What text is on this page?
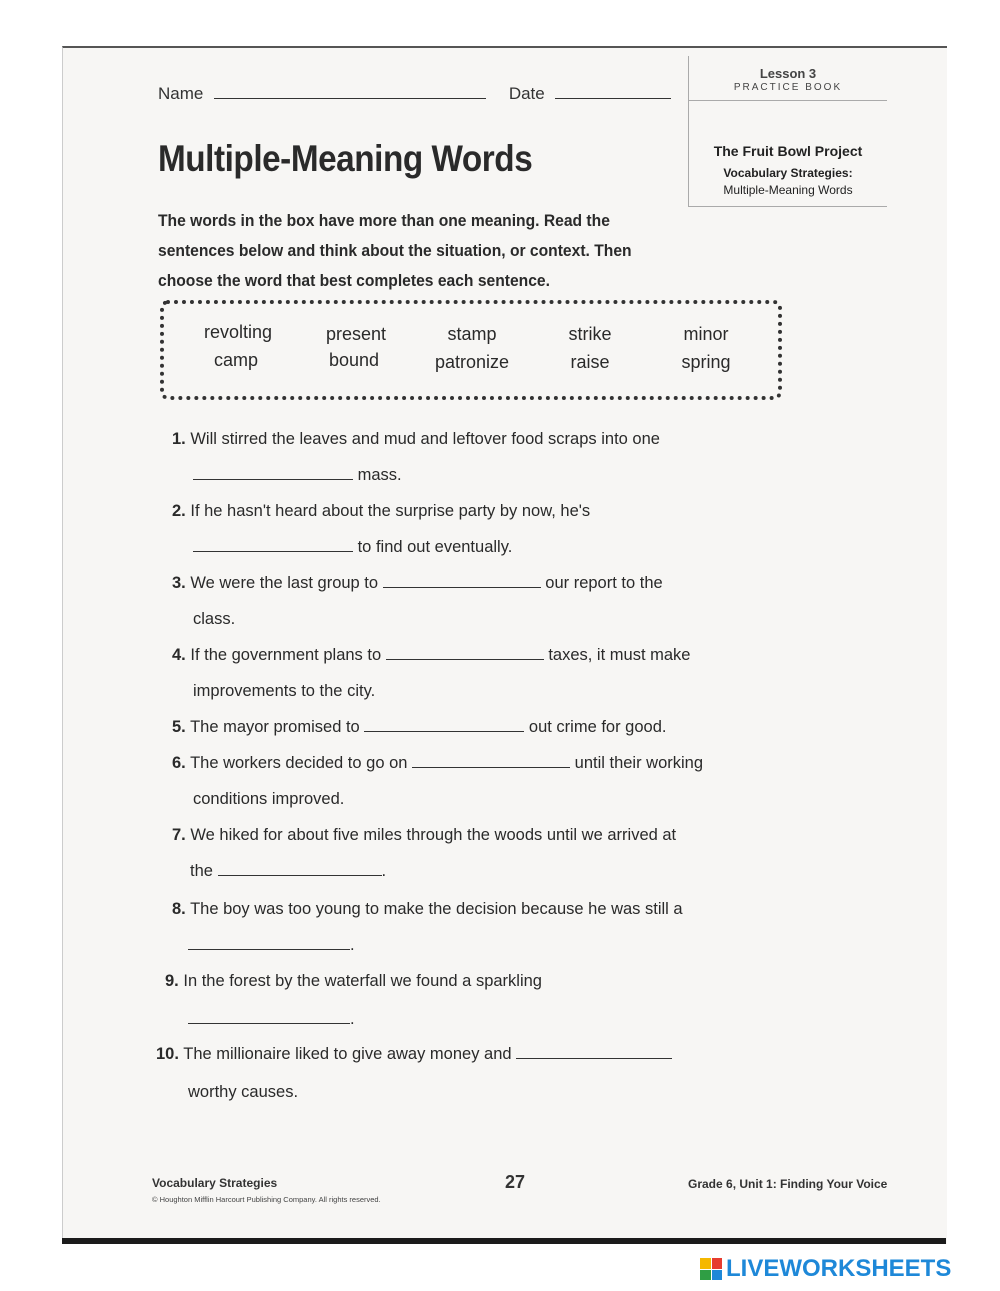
Name	Date
Lesson 3
PRACTICE BOOK
The Fruit Bowl Project
Vocabulary Strategies:
Multiple-Meaning Words
Multiple-Meaning Words
The words in the box have more than one meaning. Read the sentences below and think about the situation, or context. Then choose the word that best completes each sentence.
revolting	present	stamp	strike	minor
camp	bound	patronize	raise	spring
1. Will stirred the leaves and mud and leftover food scraps into one
mass.
2. If he hasn't heard about the surprise party by now, he's
to find out eventually.
3. We were the last group to	our report to the
class.
4. If the government plans to	taxes, it must make
improvements to the city.
5. The mayor promised to	out crime for good.
6. The workers decided to go on	until their working
conditions improved.
7. We hiked for about five miles through the woods until we arrived at
the	.
8. The boy was too young to make the decision because he was still a
.
9. In the forest by the waterfall we found a sparkling
.
10. The millionaire liked to give away money and
worthy causes.
Vocabulary Strategies
© Houghton Mifflin Harcourt Publishing Company. All rights reserved.
27	Grade 6, Unit 1: Finding Your Voice
LIVEWORKSHEETS
